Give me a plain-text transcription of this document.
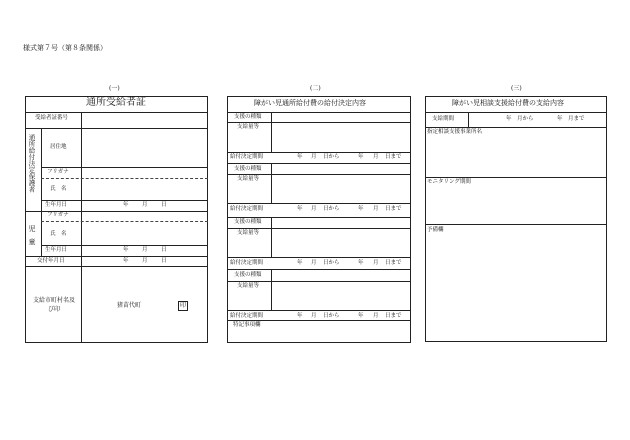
様式第７号（第８条関係）
(一)	(二)	(三)
通所受給者証
受給者証番号
通所給付決定保護者	居住地
フリガナ
氏　名
生年月日	年 月 日
児童
フリガナ
氏　名
生年月日	年 月 日
交付年月日	年 月 日
支給市町村名及び印
猪苗代町	印
障がい児通所給付費の給付決定内容
支援の種類
支給量等
給付決定期間	年 月 日から	年 月 日まで
支援の種類
支給量等
給付決定期間	年 月 日から	年 月 日まで
支援の種類
支給量等
給付決定期間	年 月 日から	年 月 日まで
支援の種類
支給量等
給付決定期間	年 月 日から	年 月 日まで
特記事項欄
障がい児相談支援給付費の支給内容
支給期間	年　月から	年　月まで
指定相談支援事業所名
モニタリング期間
予備欄
